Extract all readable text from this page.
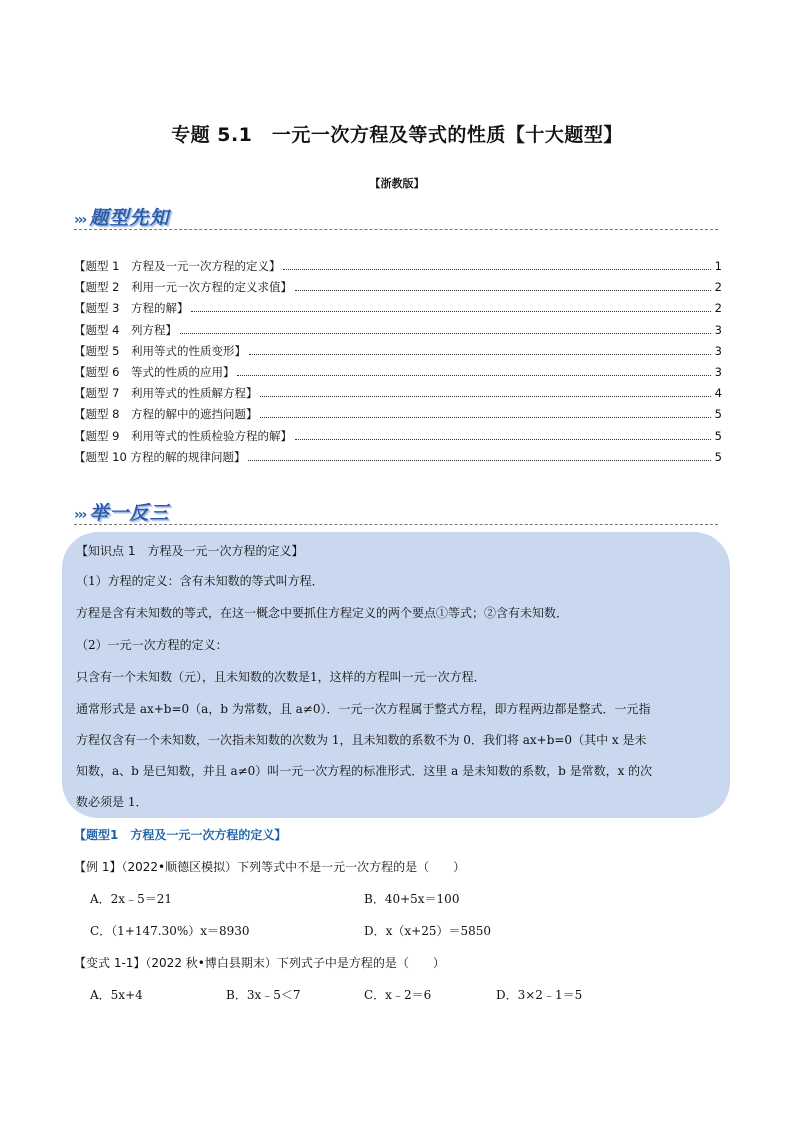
专题 5.1　一元一次方程及等式的性质【十大题型】
【浙教版】
››› 题型先知
【题型 1　方程及一元一次方程的定义】	1
【题型 2　利用一元一次方程的定义求值】	2
【题型 3　方程的解】	2
【题型 4　列方程】	3
【题型 5　利用等式的性质变形】	3
【题型 6　等式的性质的应用】	3
【题型 7　利用等式的性质解方程】	4
【题型 8　方程的解中的遮挡问题】	5
【题型 9　利用等式的性质检验方程的解】	5
【题型 10 方程的解的规律问题】	5
››› 举一反三
【知识点 1　方程及一元一次方程的定义】
（1）方程的定义：含有未知数的等式叫方程．
方程是含有未知数的等式，在这一概念中要抓住方程定义的两个要点①等式；②含有未知数．
（2）一元一次方程的定义：
只含有一个未知数（元），且未知数的次数是1，这样的方程叫一元一次方程．
通常形式是 ax+b=0（a，b 为常数，且 a≠0）．一元一次方程属于整式方程，即方程两边都是整式．一元指
方程仅含有一个未知数，一次指未知数的次数为 1，且未知数的系数不为 0．我们将 ax+b=0（其中 x 是未
知数，a、b 是已知数，并且 a≠0）叫一元一次方程的标准形式．这里 a 是未知数的系数，b 是常数，x 的次
数必须是 1．
【题型1　方程及一元一次方程的定义】
【例 1】（2022•顺德区模拟）下列等式中不是一元一次方程的是（　　）
A．2x﹣5＝21	B．40+5x＝100
C．（1+147.30%）x＝8930	D．x（x+25）＝5850
【变式 1-1】（2022 秋•博白县期末）下列式子中是方程的是（　　）
A．5x+4	B．3x﹣5＜7	C．x﹣2＝6	D．3×2﹣1＝5
